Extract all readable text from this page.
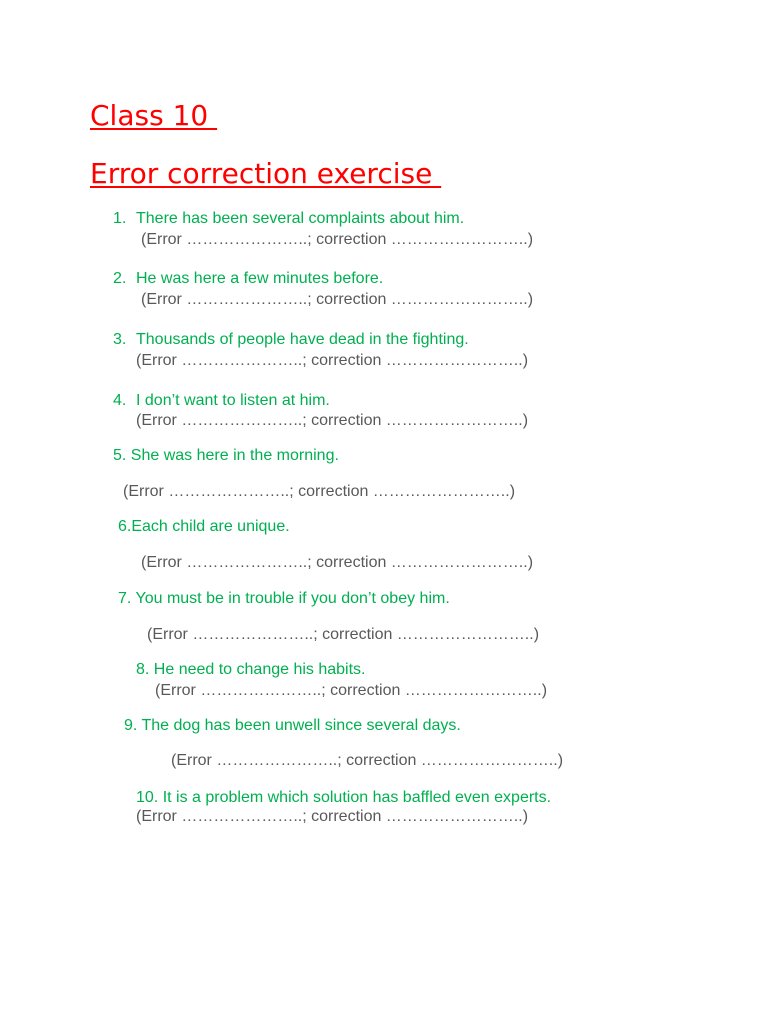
Class 10
Error correction exercise
1. There has been several complaints about him.
(Error …………………..; correction ……………………..)
2. He was here a few minutes before.
(Error …………………..; correction ……………………..)
3. Thousands of people have dead in the fighting.
(Error …………………..; correction ……………………..)
4. I don’t want to listen at him.
(Error …………………..; correction ……………………..)
5. She was here in the morning.
(Error …………………..; correction ……………………..)
6.Each child are unique.
(Error …………………..; correction ……………………..)
7. You must be in trouble if you don’t obey him.
(Error …………………..; correction ……………………..)
8. He need to change his habits.
(Error …………………..; correction ……………………..)
9. The dog has been unwell since several days.
(Error …………………..; correction ……………………..)
10. It is a problem which solution has baffled even experts.
(Error …………………..; correction ……………………..)
